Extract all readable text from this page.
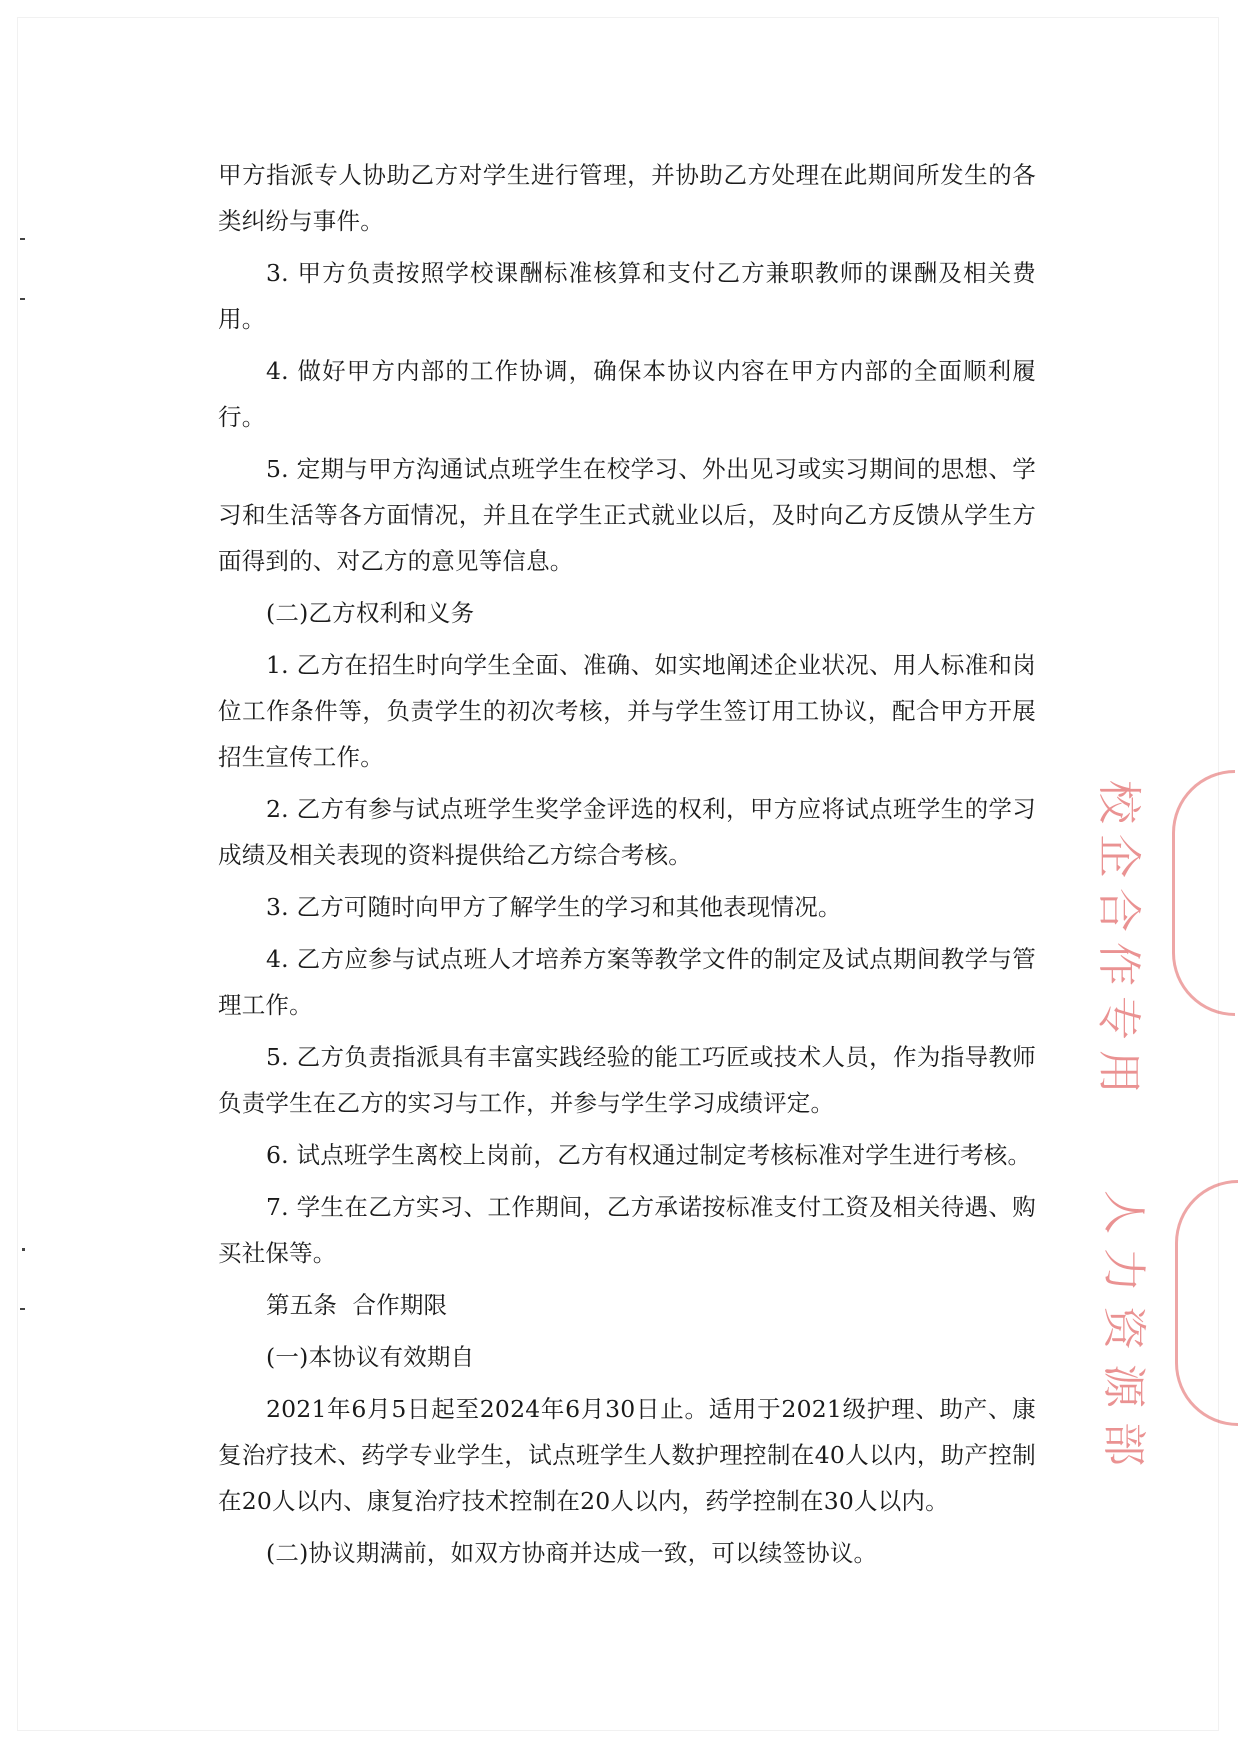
甲方指派专人协助乙方对学生进行管理，并协助乙方处理在此期间所发生的各类纠纷与事件。

3. 甲方负责按照学校课酬标准核算和支付乙方兼职教师的课酬及相关费用。

4. 做好甲方内部的工作协调，确保本协议内容在甲方内部的全面顺利履行。

5. 定期与甲方沟通试点班学生在校学习、外出见习或实习期间的思想、学习和生活等各方面情况，并且在学生正式就业以后，及时向乙方反馈从学生方面得到的、对乙方的意见等信息。

(二)乙方权利和义务

1. 乙方在招生时向学生全面、准确、如实地阐述企业状况、用人标准和岗位工作条件等，负责学生的初次考核，并与学生签订用工协议，配合甲方开展招生宣传工作。

2. 乙方有参与试点班学生奖学金评选的权利，甲方应将试点班学生的学习成绩及相关表现的资料提供给乙方综合考核。

3. 乙方可随时向甲方了解学生的学习和其他表现情况。

4. 乙方应参与试点班人才培养方案等教学文件的制定及试点期间教学与管理工作。

5. 乙方负责指派具有丰富实践经验的能工巧匠或技术人员，作为指导教师负责学生在乙方的实习与工作，并参与学生学习成绩评定。

6. 试点班学生离校上岗前，乙方有权通过制定考核标准对学生进行考核。

7. 学生在乙方实习、工作期间，乙方承诺按标准支付工资及相关待遇、购买社保等。

第五条  合作期限

(一)本协议有效期自

2021年6月5日起至2024年6月30日止。适用于2021级护理、助产、康复治疗技术、药学专业学生，试点班学生人数护理控制在40人以内，助产控制在20人以内、康复治疗技术控制在20人以内，药学控制在30人以内。

(二)协议期满前，如双方协商并达成一致，可以续签协议。

校企合作专用
人力资源部
